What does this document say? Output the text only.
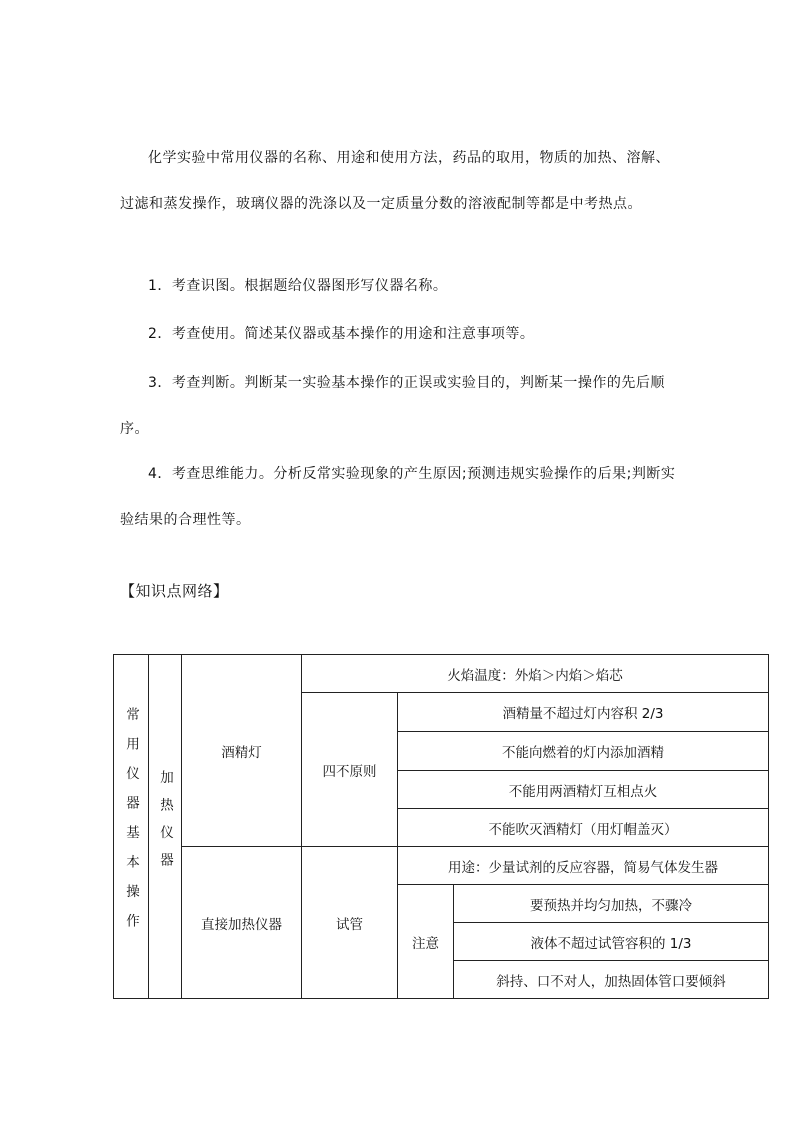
化学实验中常用仪器的名称、用途和使用方法，药品的取用，物质的加热、溶解、过滤和蒸发操作，玻璃仪器的洗涤以及一定质量分数的溶液配制等都是中考热点。

1．考查识图。根据题给仪器图形写仪器名称。

2．考查使用。简述某仪器或基本操作的用途和注意事项等。

3．考查判断。判断某一实验基本操作的正误或实验目的，判断某一操作的先后顺序。

4．考查思维能力。分析反常实验现象的产生原因;预测违规实验操作的后果;判断实验结果的合理性等。

【知识点网络】

常用仪器基本操作	加热仪器	酒精灯	火焰温度：外焰＞内焰＞焰芯		
			四不原则	酒精量不超过灯内容积 2/3	
				不能向燃着的灯内添加酒精	
				不能用两酒精灯互相点火	
				不能吹灭酒精灯（用灯帽盖灭）	
		直接加热仪器	试管	用途：少量试剂的反应容器，简易气体发生器	
				注意	要预热并均匀加热，不骤冷
					液体不超过试管容积的 1/3
					斜持、口不对人，加热固体管口要倾斜
